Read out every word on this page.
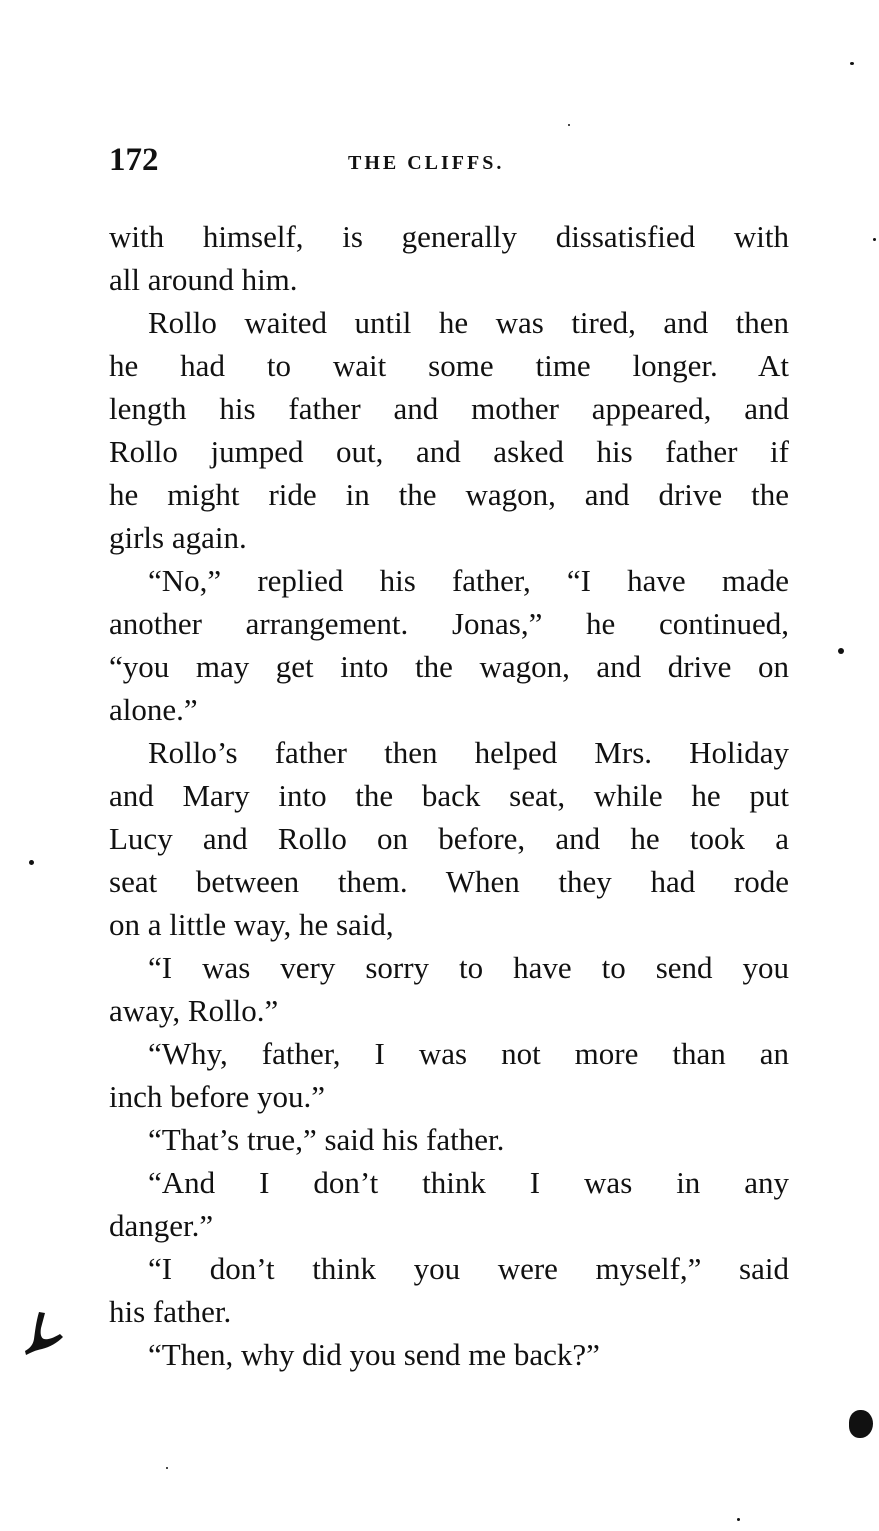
172	THE CLIFFS.
with himself, is generally dissatisfied with
all around him.
Rollo waited until he was tired, and then
he had to wait some time longer. At
length his father and mother appeared, and
Rollo jumped out, and asked his father if
he might ride in the wagon, and drive the
girls again.
“No,” replied his father, “I have made
another arrangement. Jonas,” he continued,
“you may get into the wagon, and drive on
alone.”
Rollo’s father then helped Mrs. Holiday
and Mary into the back seat, while he put
Lucy and Rollo on before, and he took a
seat between them. When they had rode
on a little way, he said,
“I was very sorry to have to send you
away, Rollo.”
“Why, father, I was not more than an
inch before you.”
“That’s true,” said his father.
“And I don’t think I was in any
danger.”
“I don’t think you were myself,” said
his father.
“Then, why did you send me back?”
